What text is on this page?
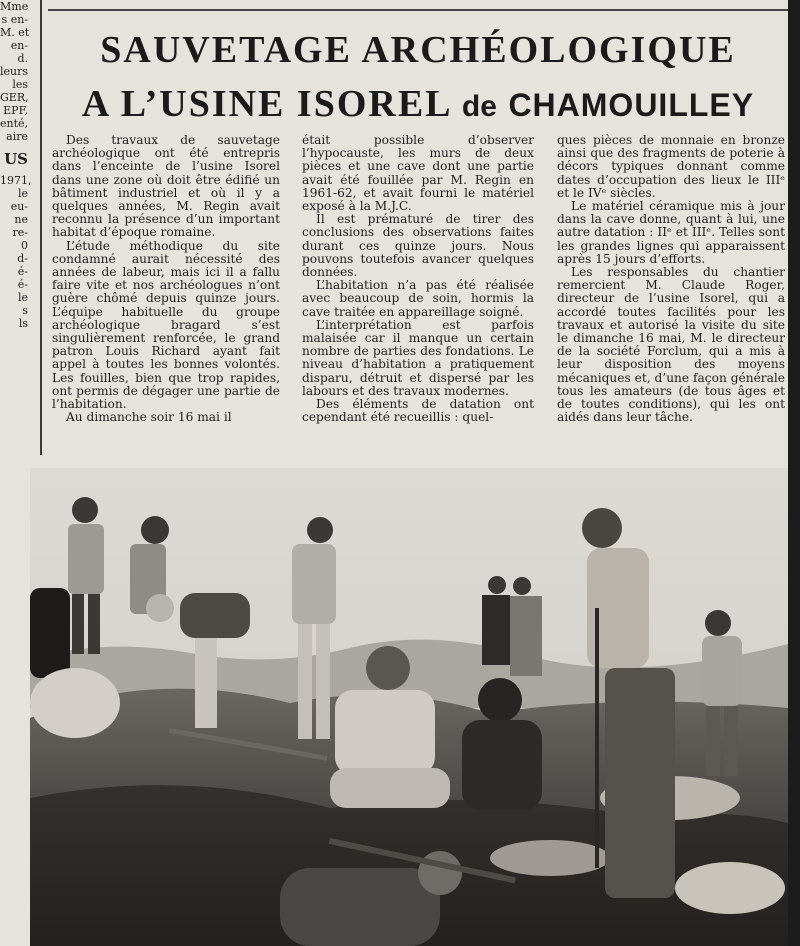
Mme
s en-
M. et
en-
d.
leurs
les
GER,
EPF,
enté,
aire
US
1971,
le
eu-
ne
re-
0
d-
é-
é-
le
s
ls
SAUVETAGE ARCHÉOLOGIQUE
A L’USINE ISOREL de CHAMOUILLEY

Des travaux de sauvetage archéologique ont été entrepris dans l’enceinte de l’usine Isorel dans une zone où doit être édifié un bâtiment industriel et où il y a quelques années, M. Regin avait reconnu la présence d’un important habitat d’époque romaine.

L’étude méthodique du site condamné aurait nécessité des années de labeur, mais ici il a fallu faire vite et nos archéologues n’ont guère chômé depuis quinze jours. L’équipe habituelle du groupe archéologique bragard s’est singulièrement renforcée, le grand patron Louis Richard ayant fait appel à toutes les bonnes volontés. Les fouilles, bien que trop rapides, ont permis de dégager une partie de l’habitation.

Au dimanche soir 16 mai il

était possible d’observer l’hypocauste, les murs de deux pièces et une cave dont une partie avait été fouillée par M. Regin en 1961-62, et avait fourni le matériel exposé à la M.J.C.

Il est prématuré de tirer des conclusions des observations faites durant ces quinze jours. Nous pouvons toutefois avancer quelques données.

L’habitation n’a pas été réalisée avec beaucoup de soin, hormis la cave traitée en appareillage soigné.

L’interprétation est parfois malaisée car il manque un certain nombre de parties des fondations. Le niveau d’habitation a pratiquement disparu, détruit et dispersé par les labours et des travaux modernes.

Des éléments de datation ont cependant été recueillis : quel-

ques pièces de monnaie en bronze ainsi que des fragments de poterie à décors typiques donnant comme dates d’occupation des lieux le IIIᵉ et le IVᵉ siècles.

Le matériel céramique mis à jour dans la cave donne, quant à lui, une autre datation : IIᵉ et IIIᵉ. Telles sont les grandes lignes qui apparaissent après 15 jours d’efforts.

Les responsables du chantier remercient M. Claude Roger, directeur de l’usine Isorel, qui a accordé toutes facilités pour les travaux et autorisé la visite du site le dimanche 16 mai, M. le directeur de la société Forclum, qui a mis à leur disposition des moyens mécaniques et, d’une façon générale tous les amateurs (de tous âges et de toutes conditions), qui les ont aidés dans leur tâche.
